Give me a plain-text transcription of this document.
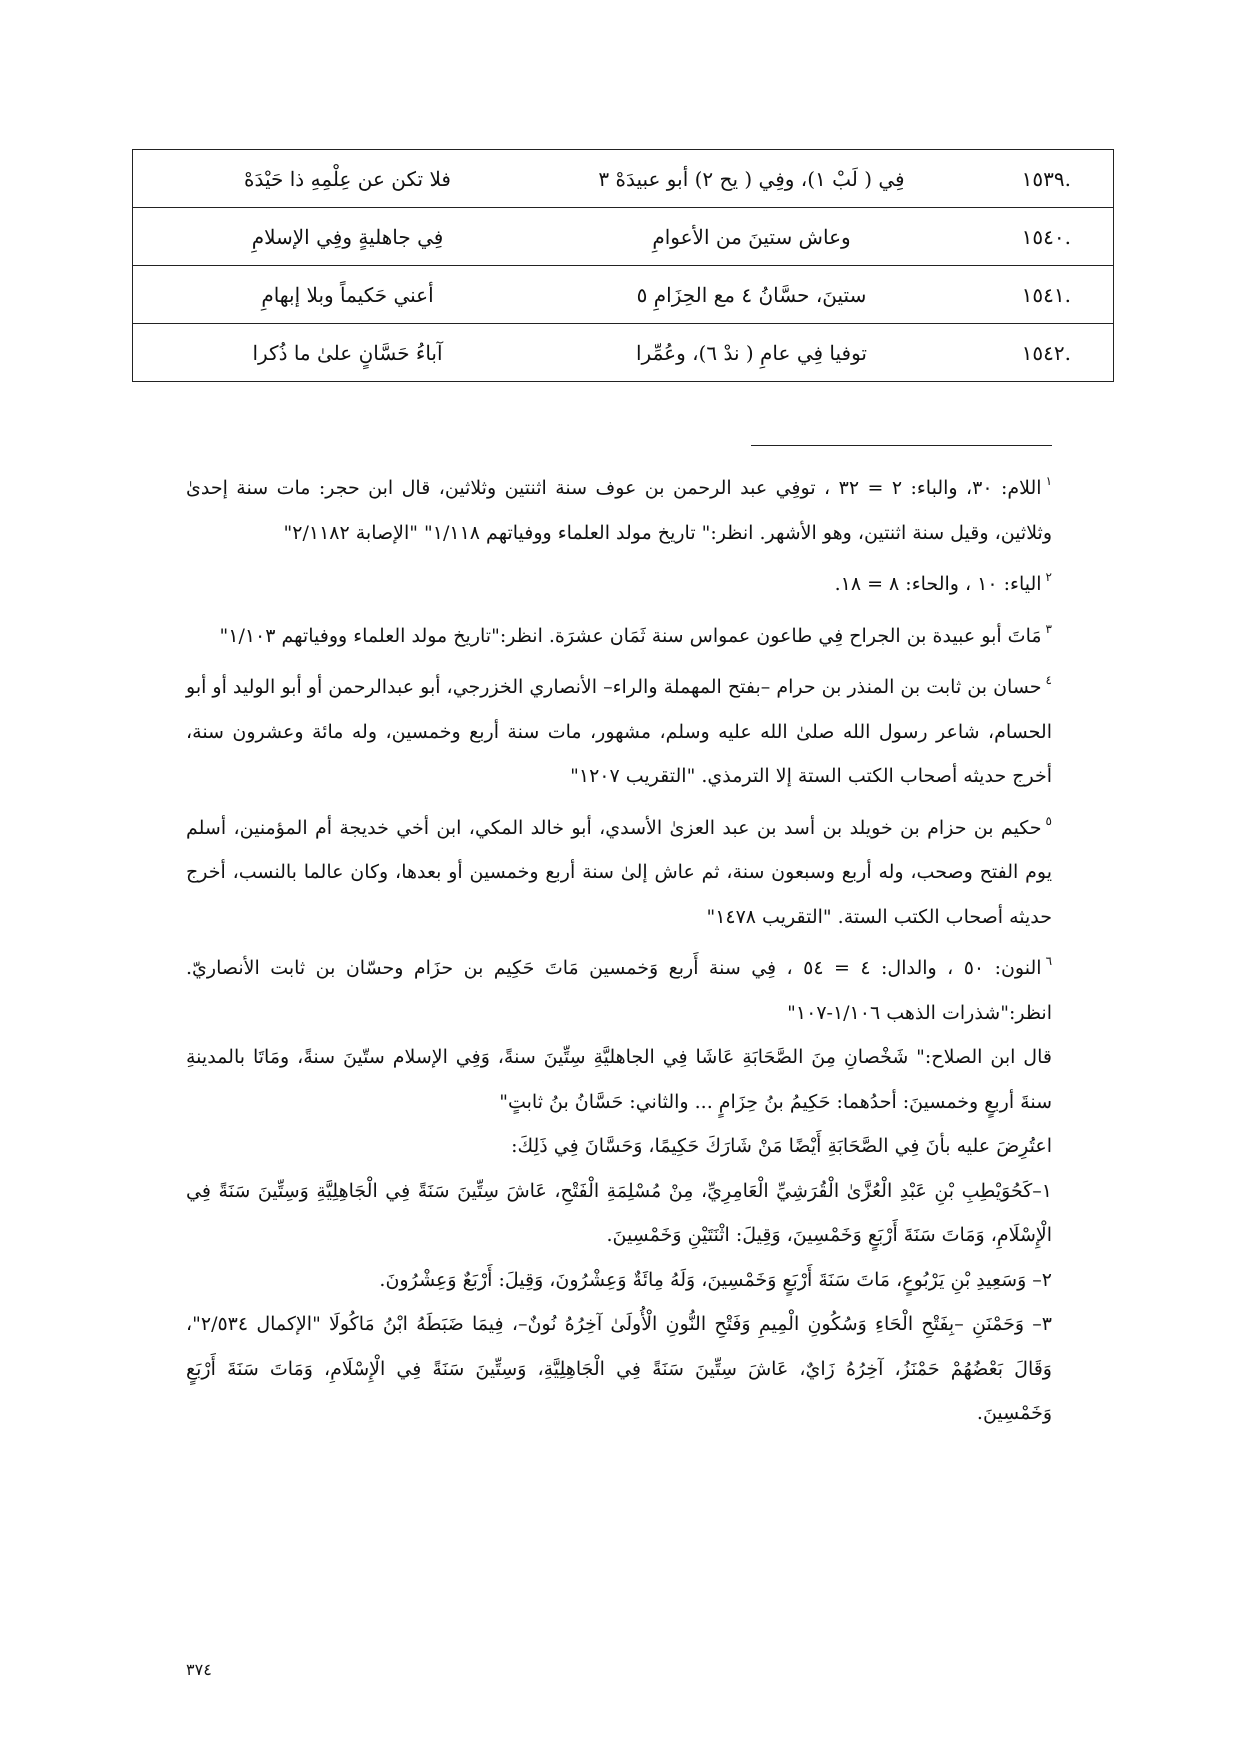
.١٥٣٩	فِي ( لَبْ ١)، وفِي ( يح ٢) أبو عبيدَهْ ٣	فلا تكن عن عِلْمِهِ ذا حَيْدَهْ
.١٥٤٠	وعاش ستينَ من الأعوامِ	فِي جاهليةٍ وفِي الإسلامِ
.١٥٤١	ستينَ، حسَّانُ ٤ مع الحِزَامِ ٥	أعني حَكيماً وبلا إبهامِ
.١٥٤٢	توفيا فِي عامِ ( ندْ ٦)، وعُمِّرا	آباءُ حَسَّانٍ علىٰ ما ذُكرا

$^١$اللام: ٣٠، والباء: ٢ = ٣٢ ، توفِي عبد الرحمن بن عوف سنة اثنتين وثلاثين، قال ابن حجر: مات سنة إحدىٰ وثلاثين، وقيل سنة اثنتين، وهو الأشهر. انظر:" تاريخ مولد العلماء ووفياتهم ١/١١٨" "الإصابة ٢/١١٨٢"

$^٢$الياء: ١٠ ، والحاء: ٨ = ١٨.

$^٣$مَاتَ أبو عبيدة بن الجراح فِي طاعون عمواس سنة ثَمَان عشرَة. انظر:"تاريخ مولد العلماء ووفياتهم ١/١٠٣"

$^٤$حسان بن ثابت بن المنذر بن حرام –بفتح المهملة والراء– الأنصاري الخزرجي، أبو عبدالرحمن أو أبو الوليد أو أبو الحسام، شاعر رسول الله صلىٰ الله عليه وسلم، مشهور، مات سنة أربع وخمسين، وله مائة وعشرون سنة، أخرج حديثه أصحاب الكتب الستة إلا الترمذي. "التقريب ١٢٠٧"

$^٥$حكيم بن حزام بن خويلد بن أسد بن عبد العزىٰ الأسدي، أبو خالد المكي، ابن أخي خديجة أم المؤمنين، أسلم يوم الفتح وصحب، وله أربع وسبعون سنة، ثم عاش إلىٰ سنة أربع وخمسين أو بعدها، وكان عالما بالنسب، أخرج حديثه أصحاب الكتب الستة. "التقريب ١٤٧٨"

$^٦$النون: ٥٠ ، والدال: ٤ = ٥٤ ، فِي سنة أَربع وَخمسين مَاتَ حَكِيم بن حزَام وحسّان بن ثابت الأنصاريّ. انظر:"شذرات الذهب ١/١٠٦-١٠٧"

قال ابن الصلاح:" شَخْصانِ مِنَ الصَّحَابَةِ عَاشَا فِي الجاهليَّةِ سِتِّينَ سنةً، وَفِي الإسلام ستّينَ سنةً، ومَاتَا بالمدينةِ سنةَ أربعٍ وخمسينَ: أحدُهما: حَكِيمُ بنُ حِزَامٍ ... والثاني: حَسَّانُ بنُ ثابتٍ"

اعتُرِضَ عليه بأنَ فِي الصَّحَابَةِ أَيْضًا مَنْ شَارَكَ حَكِيمًا، وَحَسَّانَ فِي ذَلِكَ:

١–كَحُوَيْطِبِ بْنِ عَبْدِ الْعُزَّىٰ الْقُرَشِيِّ الْعَامِرِيِّ، مِنْ مُسْلِمَةِ الْفَتْحِ، عَاشَ سِتِّينَ سَنَةً فِي الْجَاهِلِيَّةِ وَسِتِّينَ سَنَةً فِي الْإِسْلَامِ، وَمَاتَ سَنَةَ أَرْبَعٍ وَخَمْسِينَ، وَقِيلَ: اثْنَتَيْنِ وَخَمْسِينَ.

٢– وَسَعِيدِ بْنِ يَرْبُوعٍ، مَاتَ سَنَةَ أَرْبَعٍ وَخَمْسِينَ، وَلَهُ مِائَةٌ وَعِشْرُونَ، وَقِيلَ: أَرْبَعٌ وَعِشْرُونَ.

٣– وَحَمْنَنِ –بِفَتْحِ الْحَاءِ وَسُكُونِ الْمِيمِ وَفَتْحِ النُّونِ الْأُولَىٰ آخِرُهُ نُونٌ–، فِيمَا ضَبَطَهُ ابْنُ مَاكُولَا "الإكمال ٢/٥٣٤"، وَقَالَ بَعْضُهُمْ حَمْنَزُ، آخِرُهُ زَايٌ، عَاشَ سِتِّينَ سَنَةً فِي الْجَاهِلِيَّةِ، وَسِتِّينَ سَنَةً فِي الْإِسْلَامِ، وَمَاتَ سَنَةَ أَرْبَعٍ وَخَمْسِينَ.

٣٧٤
